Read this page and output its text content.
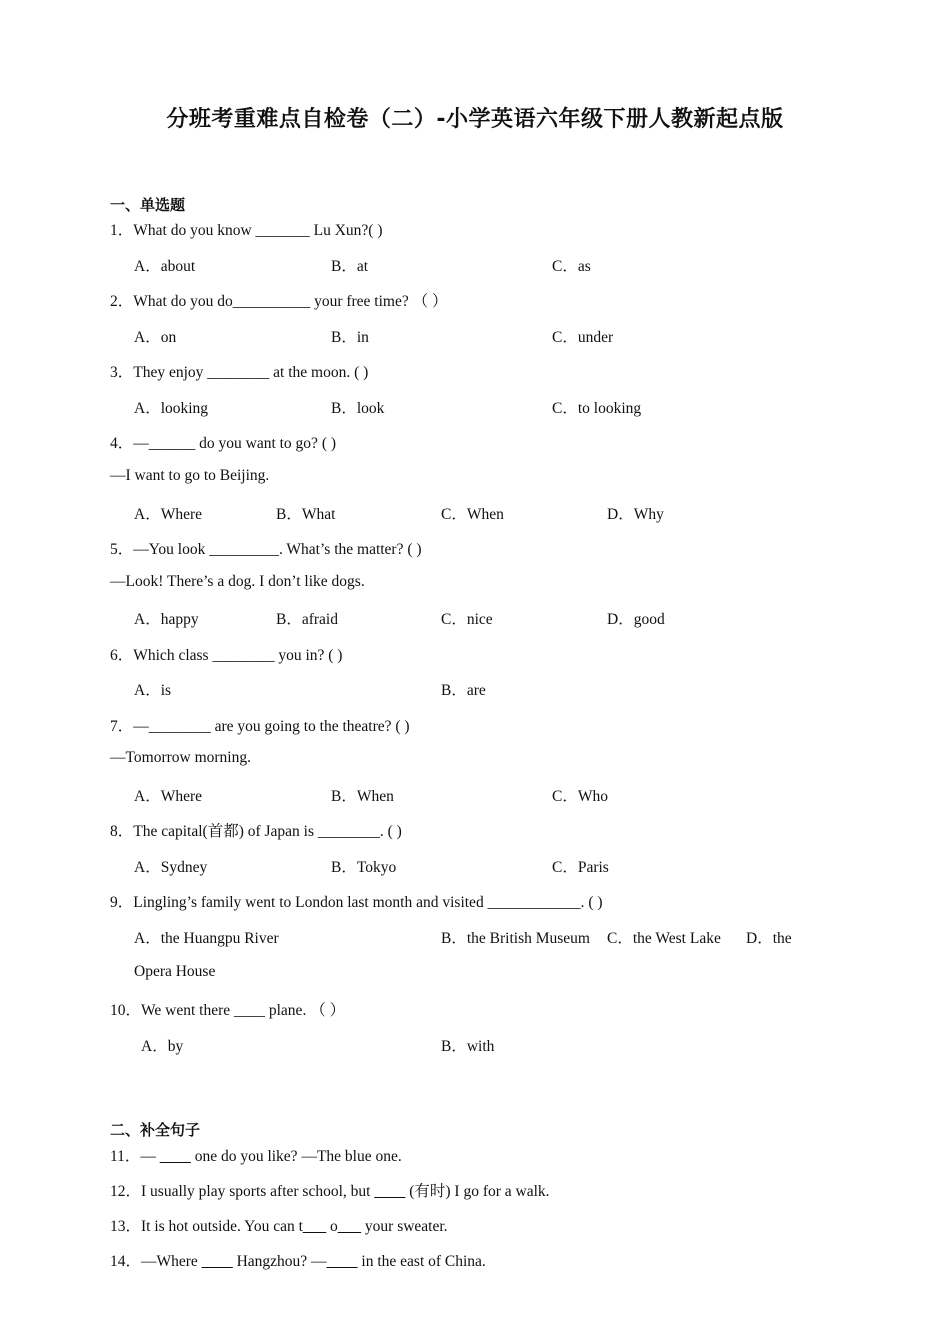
分班考重难点自检卷（二）-小学英语六年级下册人教新起点版
一、单选题
1．What do you know _______ Lu Xun?( )
A．about	B．at	C．as
2．What do you do__________ your free time? （ ）
A．on	B．in	C．under
3．They enjoy ________ at the moon. ( )
A．looking	B．look	C．to looking
4．—______ do you want to go? ( )
—I want to go to Beijing.
A．Where	B．What	C．When	D．Why
5．—You look _________. What’s the matter? ( )
—Look! There’s a dog. I don’t like dogs.
A．happy	B．afraid	C．nice	D．good
6．Which class ________ you in? ( )
A．is	B．are
7．—________ are you going to the theatre? ( )
—Tomorrow morning.
A．Where	B．When	C．Who
8．The capital(首都) of Japan is ________. ( )
A．Sydney	B．Tokyo	C．Paris
9．Lingling’s family went to London last month and visited ____________. ( )
A．the Huangpu River	B．the British Museum C．the West Lake D．the
Opera House
10．We went there ____ plane. （ ）
A．by	B．with
二、补全句子
11．— ____ one do you like? —The blue one.
12．I usually play sports after school, but ____ (有时) I go for a walk.
13．It is hot outside. You can t___ o___ your sweater.
14．—Where ____ Hangzhou? —____ in the east of China.
